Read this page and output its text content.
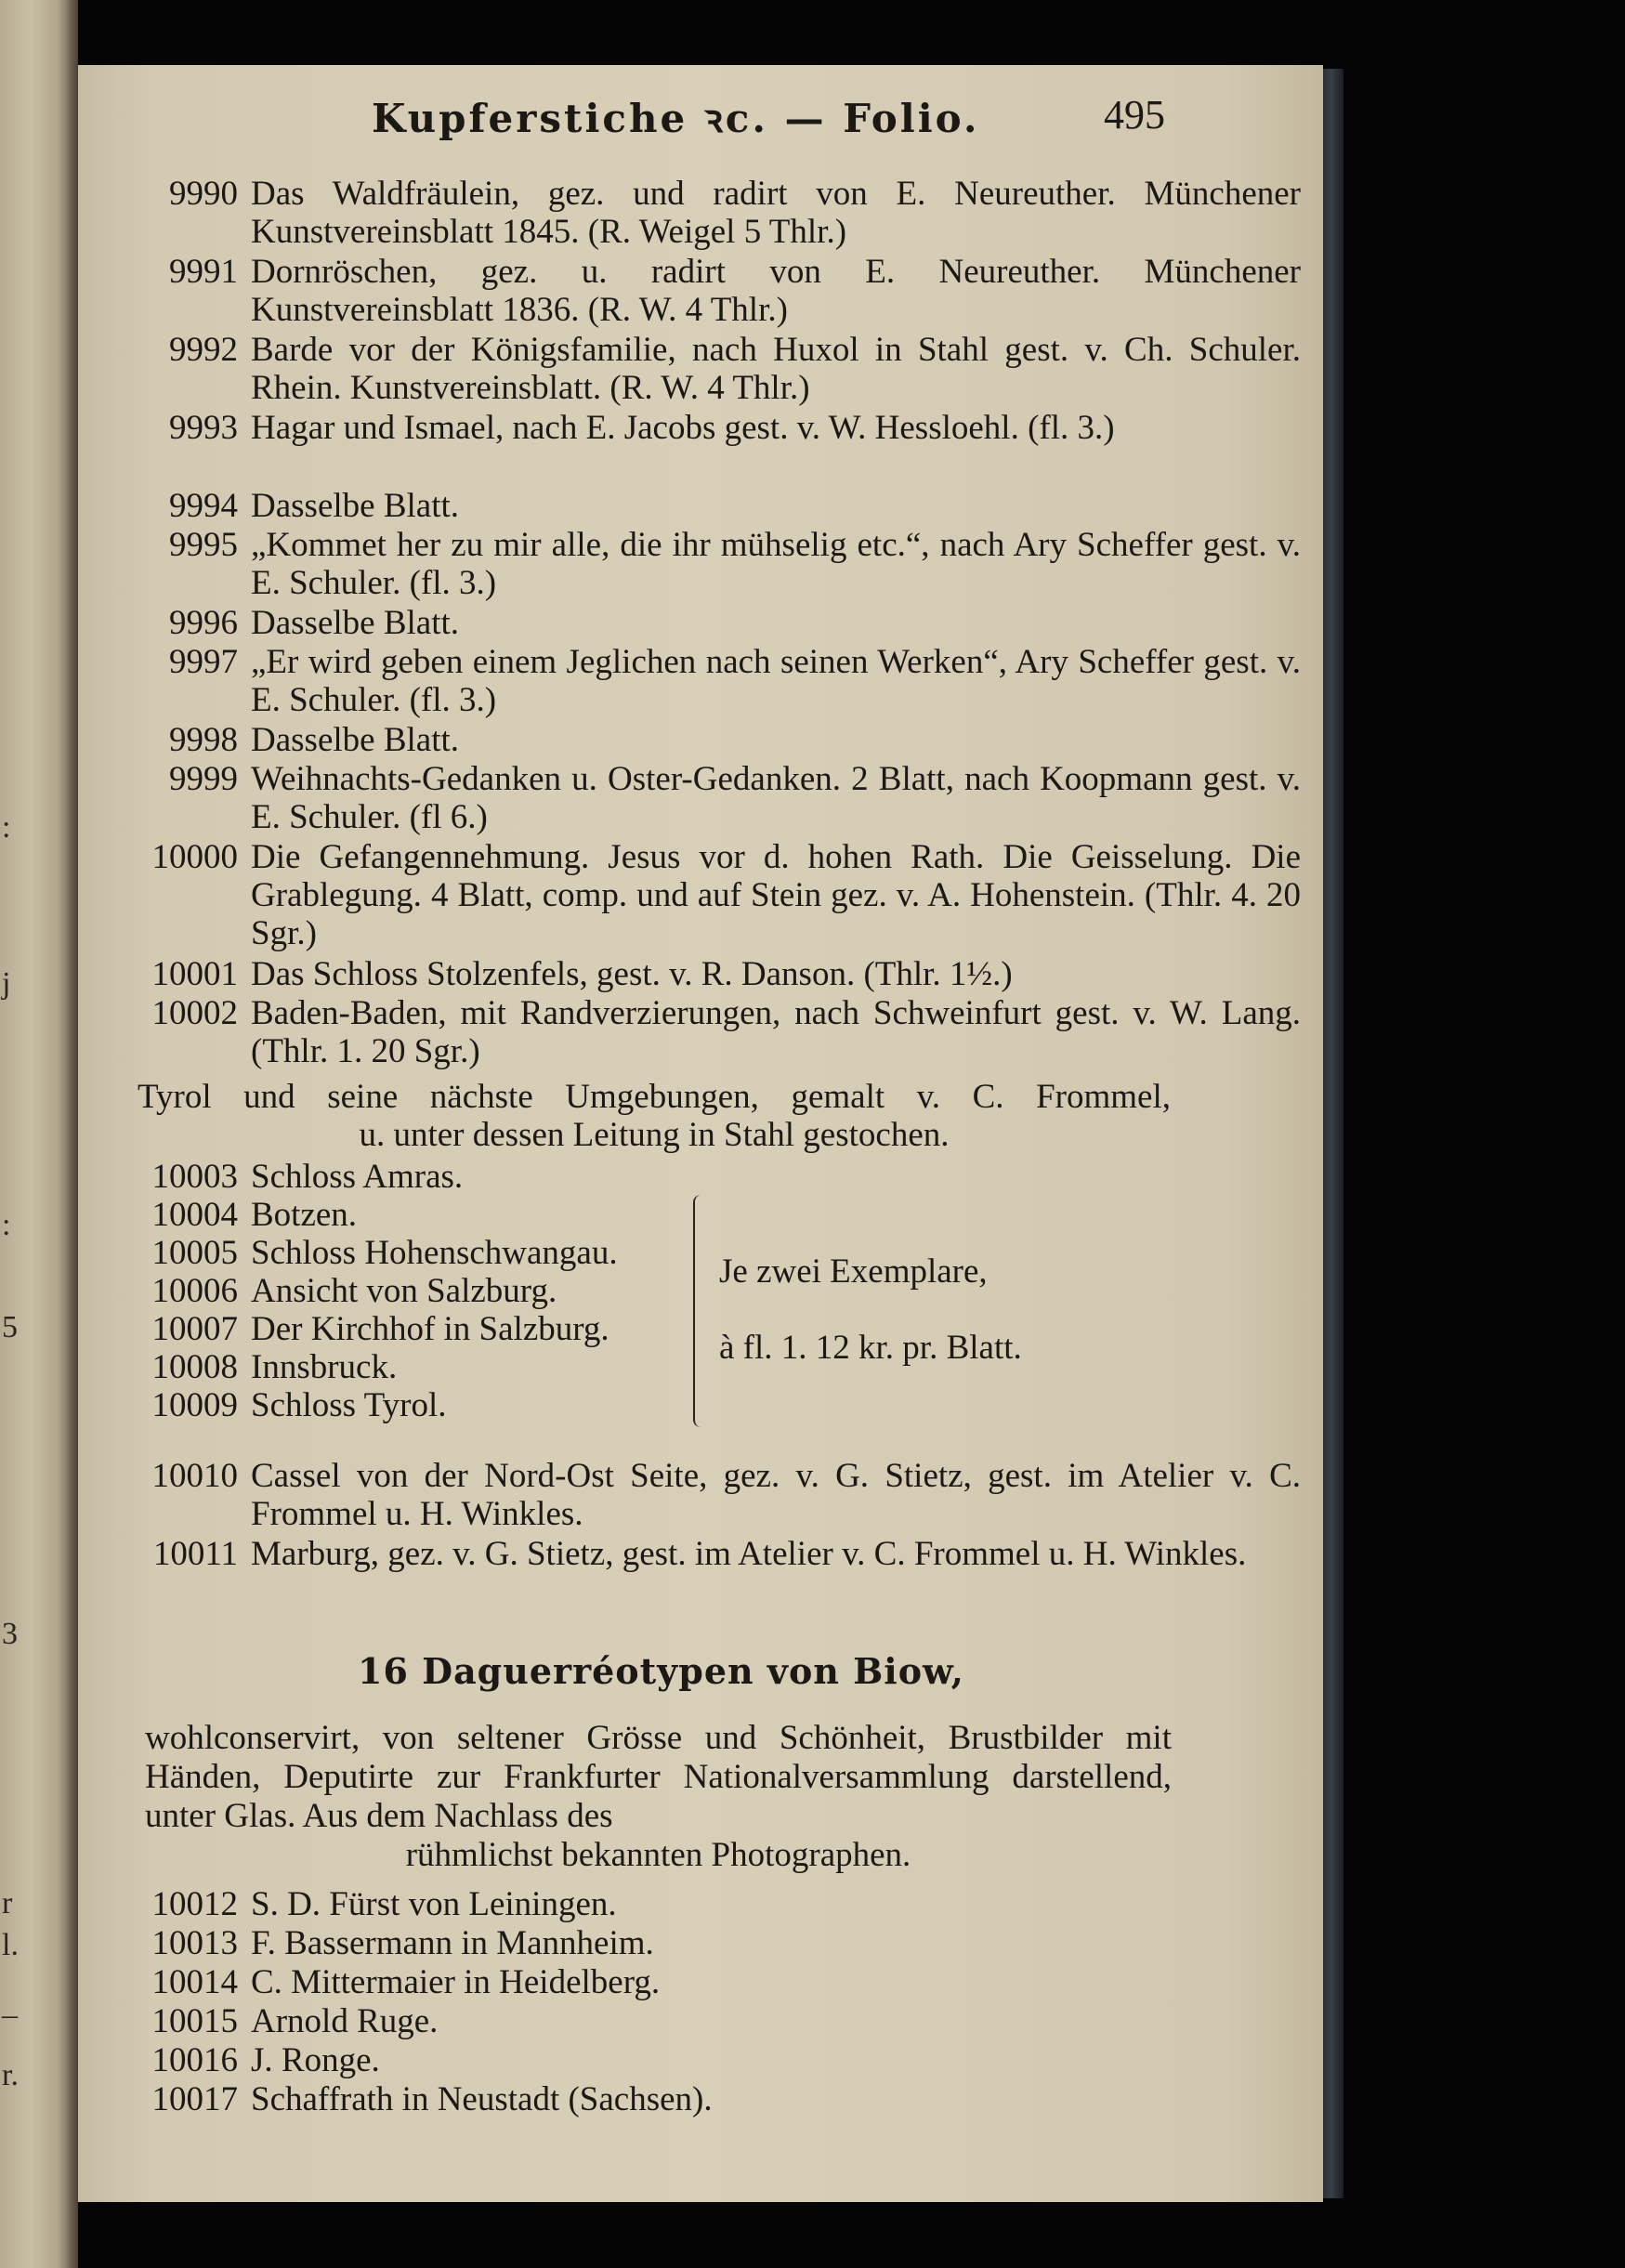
:
j
:
5
3
r
l.
–
r.
Kupferstiche ꝛc. — Folio.	495
9990 Das Waldfräulein, gez. und radirt von E. Neureuther. Münchener Kunstvereinsblatt 1845. (R. Weigel 5 Thlr.)
9991 Dornröschen, gez. u. radirt von E. Neureuther. Münchener Kunstvereinsblatt 1836. (R. W. 4 Thlr.)
9992 Barde vor der Königsfamilie, nach Huxol in Stahl gest. v. Ch. Schuler. Rhein. Kunstvereinsblatt. (R. W. 4 Thlr.)
9993 Hagar und Ismael, nach E. Jacobs gest. v. W. Hessloehl. (fl. 3.)
9994 Dasselbe Blatt.
9995 „Kommet her zu mir alle, die ihr mühselig etc.“, nach Ary Scheffer gest. v. E. Schuler. (fl. 3.)
9996 Dasselbe Blatt.
9997 „Er wird geben einem Jeglichen nach seinen Werken“, Ary Scheffer gest. v. E. Schuler. (fl. 3.)
9998 Dasselbe Blatt.
9999 Weihnachts-Gedanken u. Oster-Gedanken. 2 Blatt, nach Koopmann gest. v. E. Schuler. (fl 6.)
10000 Die Gefangennehmung. Jesus vor d. hohen Rath. Die Geisselung. Die Grablegung. 4 Blatt, comp. und auf Stein gez. v. A. Hohenstein. (Thlr. 4. 20 Sgr.)
10001 Das Schloss Stolzenfels, gest. v. R. Danson. (Thlr. 1½.)
10002 Baden-Baden, mit Randverzierungen, nach Schweinfurt gest. v. W. Lang. (Thlr. 1. 20 Sgr.)
Tyrol und seine nächste Umgebungen, gemalt v. C. Frommel,
u. unter dessen Leitung in Stahl gestochen.
10003 Schloss Amras.
10004 Botzen.
10005 Schloss Hohenschwangau.
10006 Ansicht von Salzburg.
10007 Der Kirchhof in Salzburg.
10008 Innsbruck.
10009 Schloss Tyrol.
Je zwei Exemplare,
à fl. 1. 12 kr. pr. Blatt.
10010 Cassel von der Nord-Ost Seite, gez. v. G. Stietz, gest. im Atelier v. C. Frommel u. H. Winkles.
10011 Marburg, gez. v. G. Stietz, gest. im Atelier v. C. Frommel u. H. Winkles.
16 Daguerréotypen von Biow,
wohlconservirt, von seltener Grösse und Schönheit, Brustbilder mit Händen, Deputirte zur Frankfurter Nationalversammlung darstellend, unter Glas. Aus dem Nachlass des
rühmlichst bekannten Photographen.
10012 S. D. Fürst von Leiningen.
10013 F. Bassermann in Mannheim.
10014 C. Mittermaier in Heidelberg.
10015 Arnold Ruge.
10016 J. Ronge.
10017 Schaffrath in Neustadt (Sachsen).
